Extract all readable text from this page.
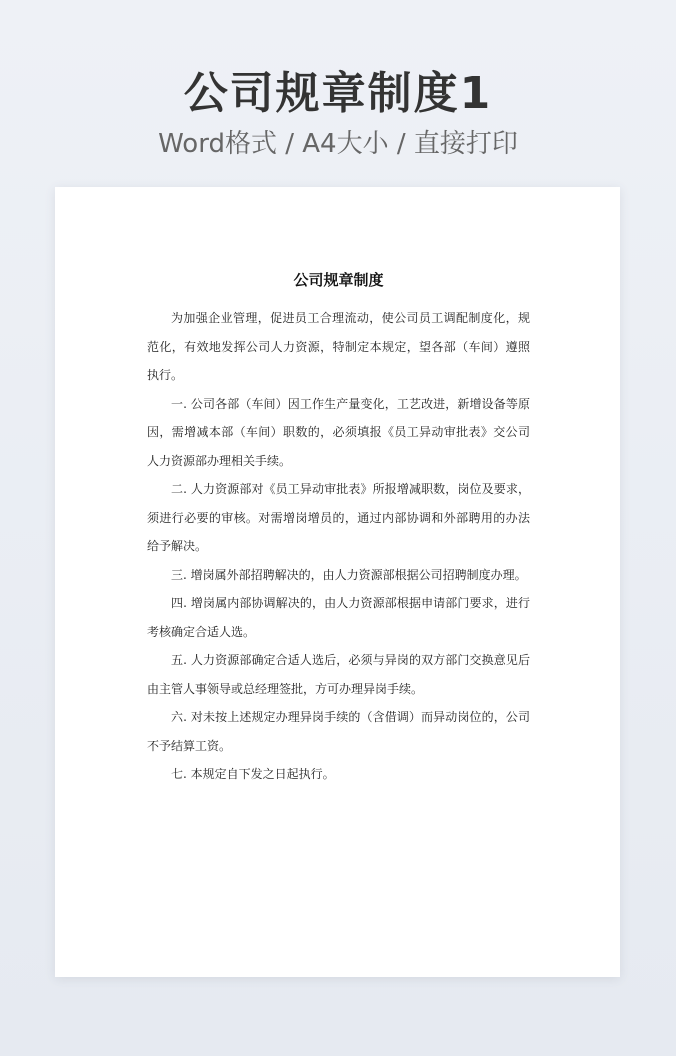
公司规章制度1
Word格式 / A4大小 / 直接打印
公司规章制度

为加强企业管理，促进员工合理流动，使公司员工调配制度化，规范化，有效地发挥公司人力资源，特制定本规定，望各部（车间）遵照执行。

一. 公司各部（车间）因工作生产量变化，工艺改进，新增设备等原因，需增减本部（车间）职数的，必须填报《员工异动审批表》交公司人力资源部办理相关手续。

二. 人力资源部对《员工异动审批表》所报增减职数，岗位及要求，须进行必要的审核。对需增岗增员的，通过内部协调和外部聘用的办法给予解决。

三. 增岗属外部招聘解决的，由人力资源部根据公司招聘制度办理。

四. 增岗属内部协调解决的，由人力资源部根据申请部门要求，进行考核确定合适人选。

五. 人力资源部确定合适人选后，必须与异岗的双方部门交换意见后由主管人事领导或总经理签批，方可办理异岗手续。

六. 对未按上述规定办理异岗手续的（含借调）而异动岗位的，公司不予结算工资。

七. 本规定自下发之日起执行。
